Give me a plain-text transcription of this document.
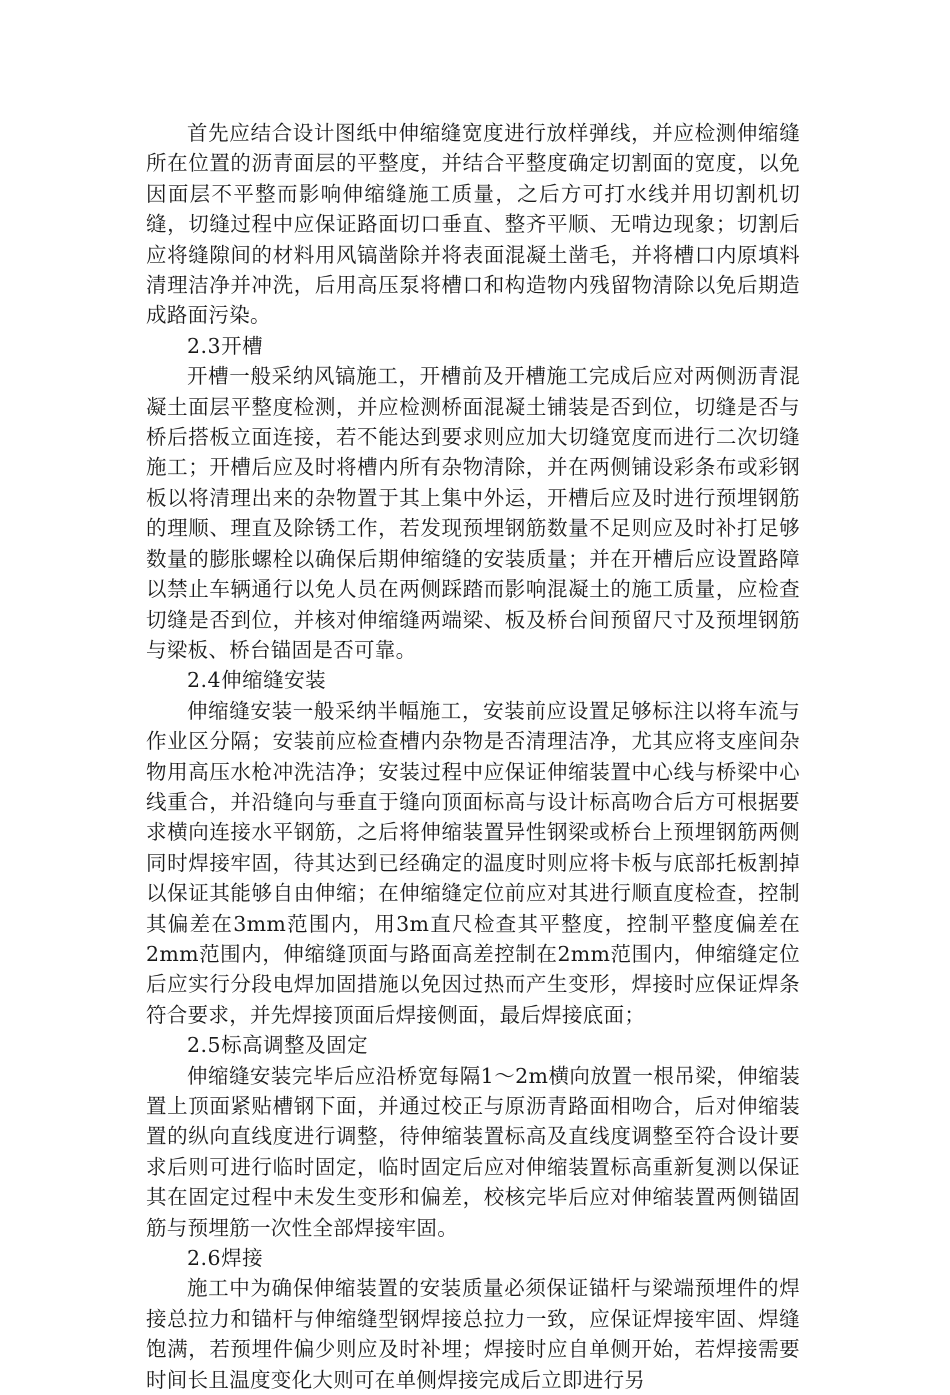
首先应结合设计图纸中伸缩缝宽度进行放样弹线，并应检测伸缩缝所在位置的沥青面层的平整度，并结合平整度确定切割面的宽度，以免因面层不平整而影响伸缩缝施工质量，之后方可打水线并用切割机切缝，切缝过程中应保证路面切口垂直、整齐平顺、无啃边现象；切割后应将缝隙间的材料用风镐凿除并将表面混凝土凿毛，并将槽口内原填料清理洁净并冲洗，后用高压泵将槽口和构造物内残留物清除以免后期造成路面污染。

2.3开槽

开槽一般采纳风镐施工，开槽前及开槽施工完成后应对两侧沥青混凝土面层平整度检测，并应检测桥面混凝土铺装是否到位，切缝是否与桥后搭板立面连接，若不能达到要求则应加大切缝宽度而进行二次切缝施工；开槽后应及时将槽内所有杂物清除，并在两侧铺设彩条布或彩钢板以将清理出来的杂物置于其上集中外运，开槽后应及时进行预埋钢筋的理顺、理直及除锈工作，若发现预埋钢筋数量不足则应及时补打足够数量的膨胀螺栓以确保后期伸缩缝的安装质量；并在开槽后应设置路障以禁止车辆通行以免人员在两侧踩踏而影响混凝土的施工质量，应检查切缝是否到位，并核对伸缩缝两端梁、板及桥台间预留尺寸及预埋钢筋与梁板、桥台锚固是否可靠。

2.4伸缩缝安装

伸缩缝安装一般采纳半幅施工，安装前应设置足够标注以将车流与作业区分隔；安装前应检查槽内杂物是否清理洁净，尤其应将支座间杂物用高压水枪冲洗洁净；安装过程中应保证伸缩装置中心线与桥梁中心线重合，并沿缝向与垂直于缝向顶面标高与设计标高吻合后方可根据要求横向连接水平钢筋，之后将伸缩装置异性钢梁或桥台上预埋钢筋两侧同时焊接牢固，待其达到已经确定的温度时则应将卡板与底部托板割掉以保证其能够自由伸缩；在伸缩缝定位前应对其进行顺直度检查，控制其偏差在3mm范围内，用3m直尺检查其平整度，控制平整度偏差在2mm范围内，伸缩缝顶面与路面高差控制在2mm范围内，伸缩缝定位后应实行分段电焊加固措施以免因过热而产生变形，焊接时应保证焊条符合要求，并先焊接顶面后焊接侧面，最后焊接底面；

2.5标高调整及固定

伸缩缝安装完毕后应沿桥宽每隔1～2m横向放置一根吊梁，伸缩装置上顶面紧贴槽钢下面，并通过校正与原沥青路面相吻合，后对伸缩装置的纵向直线度进行调整，待伸缩装置标高及直线度调整至符合设计要求后则可进行临时固定，临时固定后应对伸缩装置标高重新复测以保证其在固定过程中未发生变形和偏差，校核完毕后应对伸缩装置两侧锚固筋与预埋筋一次性全部焊接牢固。

2.6焊接

施工中为确保伸缩装置的安装质量必须保证锚杆与梁端预埋件的焊接总拉力和锚杆与伸缩缝型钢焊接总拉力一致，应保证焊接牢固、焊缝饱满，若预埋件偏少则应及时补埋；焊接时应自单侧开始，若焊接需要时间长且温度变化大则可在单侧焊接完成后立即进行另
